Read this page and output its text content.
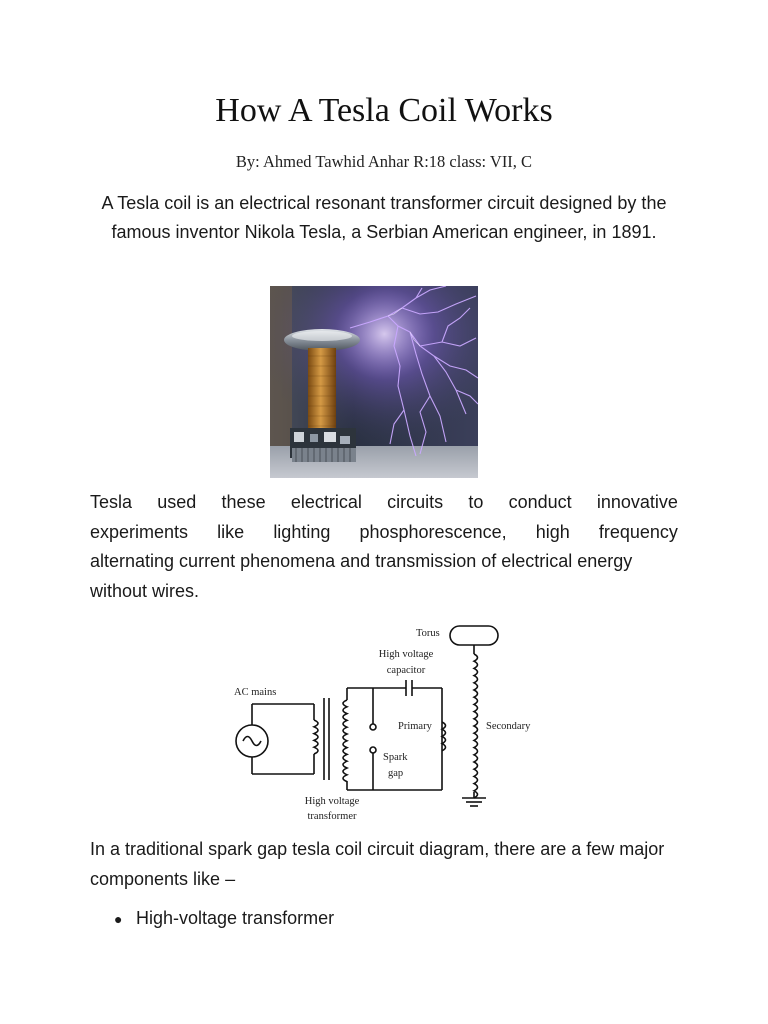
How A Tesla Coil Works
By: Ahmed Tawhid Anhar R:18 class: VII, C

A Tesla coil is an electrical resonant transformer circuit designed by the famous inventor Nikola Tesla, a Serbian American engineer, in 1891.

Tesla used these electrical circuits to conduct innovative
experiments like lighting phosphorescence, high frequency
alternating current phenomena and transmission of electrical energy
without wires.
Torus
High voltage
capacitor
AC mains
Primary	Secondary
Spark
gap
High voltage
transformer

In a traditional spark gap tesla coil circuit diagram, there are a few major components like –

● High-voltage transformer
